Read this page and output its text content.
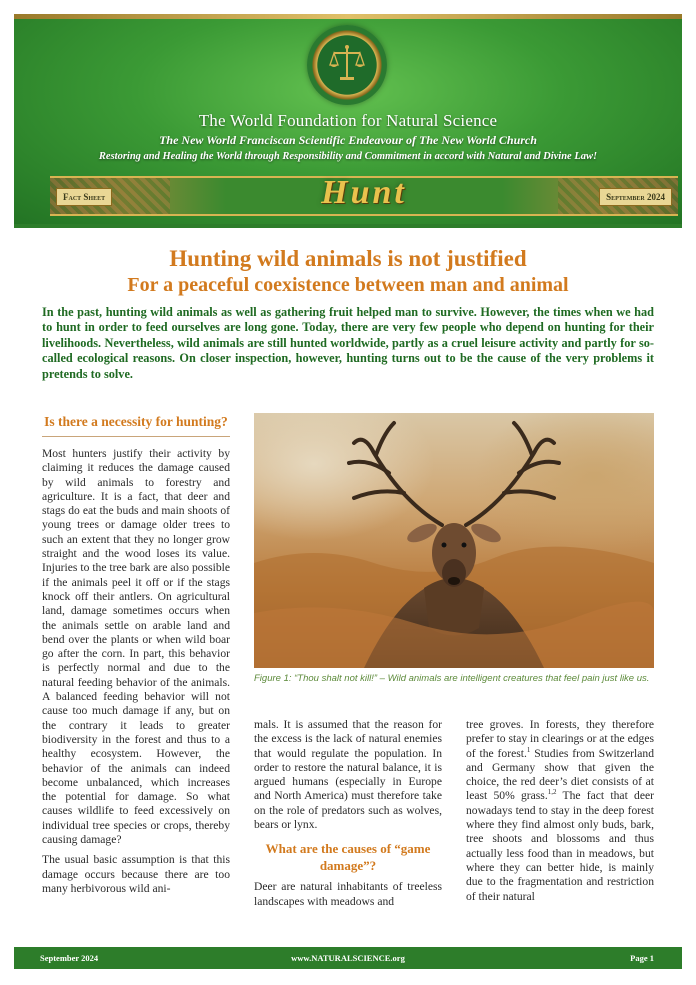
The World Foundation for Natural Science
The New World Franciscan Scientific Endeavour of The New World Church
Restoring and Healing the World through Responsibility and Commitment in accord with Natural and Divine Law!
Fact Sheet	Hunt	September 2024
Hunting wild animals is not justified
For a peaceful coexistence between man and animal
In the past, hunting wild animals as well as gathering fruit helped man to survive. However, the times when we had to hunt in order to feed ourselves are long gone. Today, there are very few people who depend on hunting for their livelihoods. Nevertheless, wild animals are still hunted worldwide, partly as a cruel leisure activity and partly for so-called ecological reasons. On closer inspection, however, hunting turns out to be the cause of the very problems it pretends to solve.
Is there a necessity for hunting?

Most hunters justify their activity by claiming it reduces the damage caused by wild animals to forestry and agriculture. It is a fact, that deer and stags do eat the buds and main shoots of young trees or damage older trees to such an extent that they no longer grow straight and the wood loses its value. Injuries to the tree bark are also possible if the animals peel it off or if the stags knock off their antlers. On agricultural land, damage sometimes occurs when the animals settle on arable land and bend over the plants or when wild boar go after the corn. In part, this behavior is perfectly normal and due to the natural feeding behavior of the animals. A balanced feeding behavior will not cause too much damage if any, but on the contrary it leads to greater biodiversity in the forest and thus to a healthy ecosystem. However, the behavior of the animals can indeed become unbalanced, which increases the potential for damage. So what causes wildlife to feed excessively on individual tree species or crops, thereby causing damage?

The usual basic assumption is that this damage occurs because there are too many herbivorous wild ani-

Figure 1: “Thou shalt not kill!” – Wild animals are intelligent creatures that feel pain just like us.

mals. It is assumed that the reason for the excess is the lack of natural enemies that would regulate the population. In order to restore the natural balance, it is argued humans (especially in Europe and North America) must therefore take on the role of predators such as wolves, bears or lynx.

What are the causes of “game damage”?

Deer are natural inhabitants of treeless landscapes with meadows and

tree groves. In forests, they therefore prefer to stay in clearings or at the edges of the forest.$^1$ Studies from Switzerland and Germany show that given the choice, the red deer’s diet consists of at least 50% grass.$^{1,2}$ The fact that deer nowadays tend to stay in the deep forest where they find almost only buds, bark, tree shoots and blossoms and thus actually less food than in meadows, but where they can better hide, is mainly due to the fragmentation and restriction of their natural

September 2024	www.NATURALSCIENCE.org	Page 1
